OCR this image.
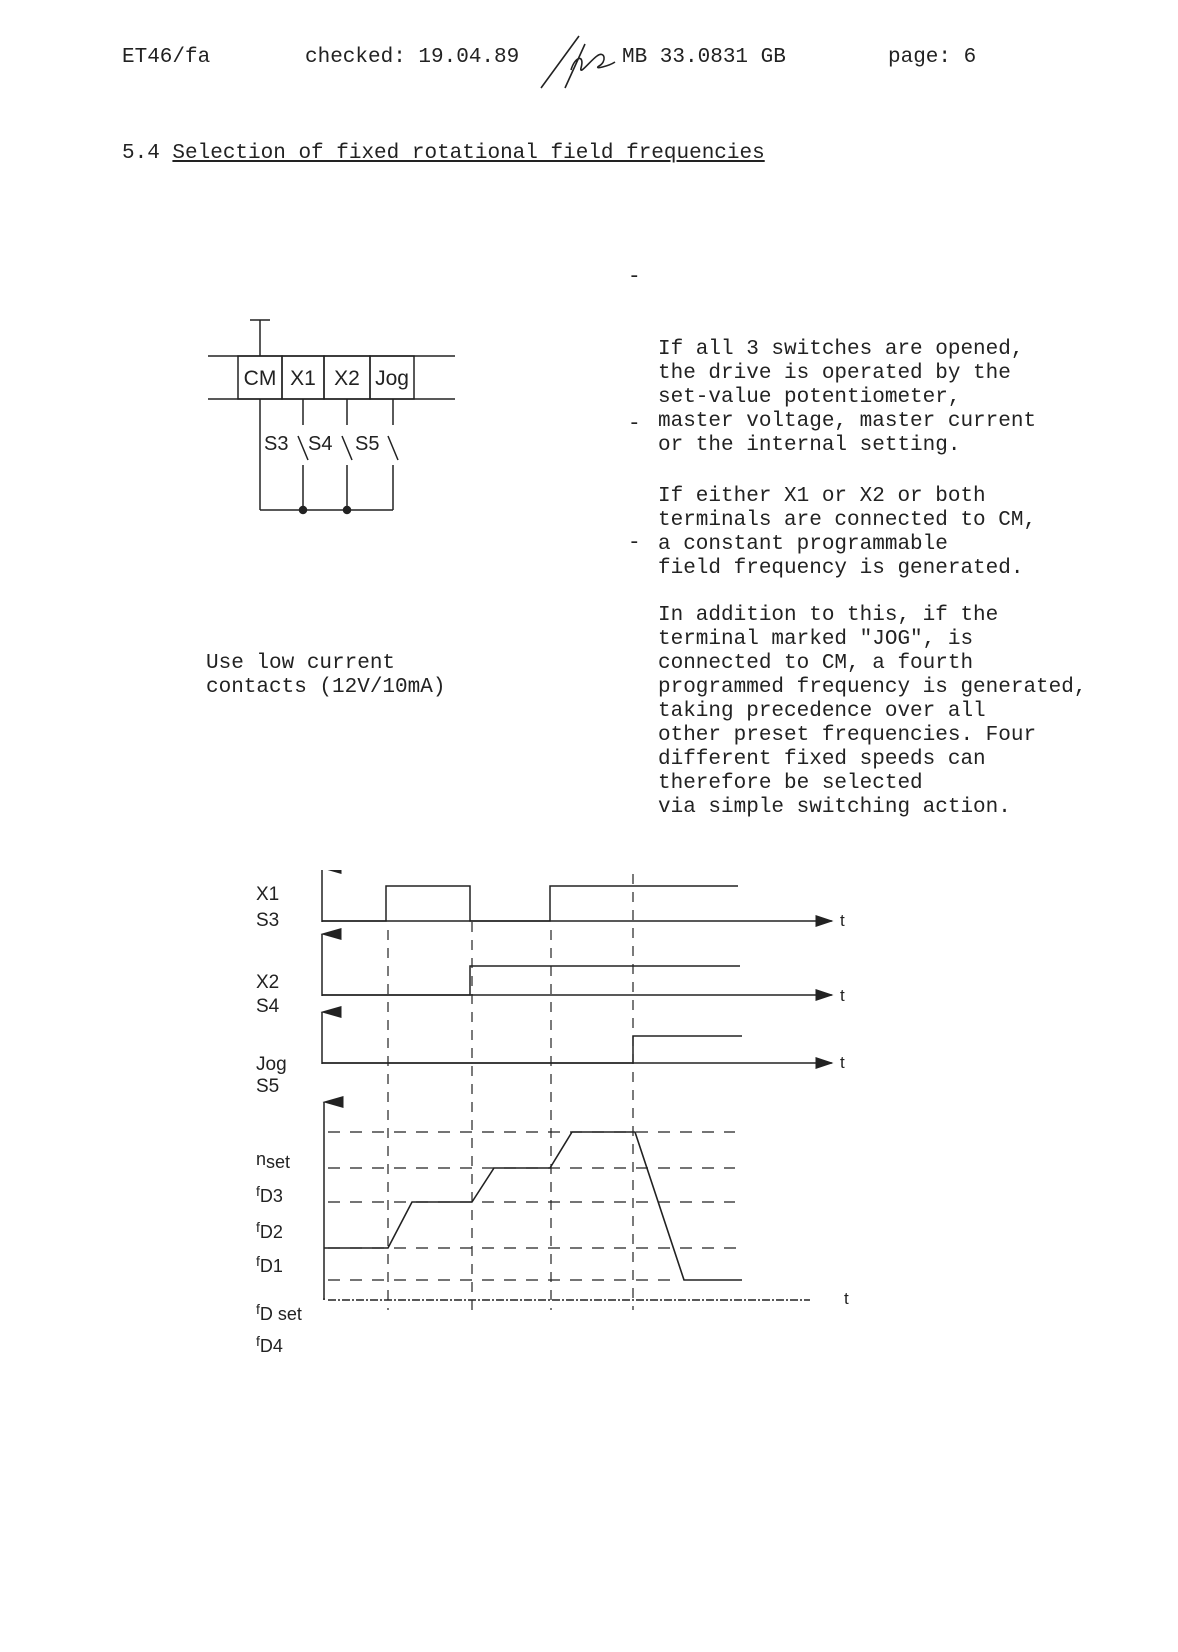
ET46/fa	checked: 19.04.89	MB 33.0831 GB	page: 6
5.4 Selection of fixed rotational field frequencies
CM X1 X2 Jog
S3 S4 S5
Use low current
contacts (12V/10mA)

-

If all 3 switches are opened,
the drive is operated by the
set-value potentiometer,
master voltage, master current
or the internal setting.

-

If either X1 or X2 or both
terminals are connected to CM,
a constant programmable
field frequency is generated.

-

In addition to this, if the
terminal marked "JOG", is
connected to CM, a fourth
programmed frequency is generated,
taking precedence over all
other preset frequencies. Four
different fixed speeds can
therefore be selected
via simple switching action.

X1
S3
X2
S4
Jog
S5
nset
$^f$D3
$^f$D2
$^f$D1
$^f$D set
$^f$D4
t
t
t
t
